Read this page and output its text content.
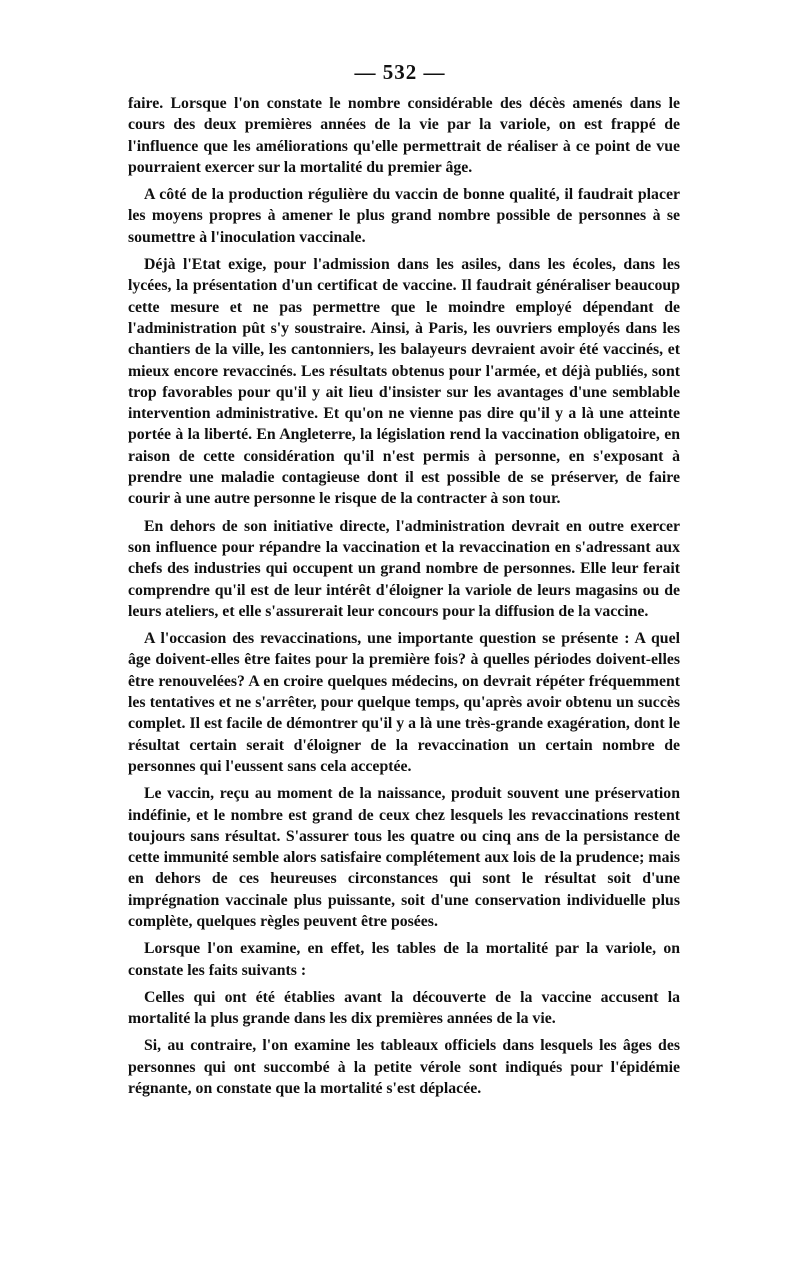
— 532 —

faire. Lorsque l'on constate le nombre considérable des décès amenés dans le cours des deux premières années de la vie par la variole, on est frappé de l'influence que les améliorations qu'elle permettrait de réaliser à ce point de vue pourraient exercer sur la mortalité du premier âge.

A côté de la production régulière du vaccin de bonne qualité, il faudrait placer les moyens propres à amener le plus grand nombre possible de personnes à se soumettre à l'inoculation vaccinale.

Déjà l'Etat exige, pour l'admission dans les asiles, dans les écoles, dans les lycées, la présentation d'un certificat de vaccine. Il faudrait généraliser beaucoup cette mesure et ne pas permettre que le moindre employé dépendant de l'administration pût s'y soustraire. Ainsi, à Paris, les ouvriers employés dans les chantiers de la ville, les cantonniers, les balayeurs devraient avoir été vaccinés, et mieux encore revaccinés. Les résultats obtenus pour l'armée, et déjà publiés, sont trop favorables pour qu'il y ait lieu d'insister sur les avantages d'une semblable intervention administrative. Et qu'on ne vienne pas dire qu'il y a là une atteinte portée à la liberté. En Angleterre, la législation rend la vaccination obligatoire, en raison de cette considération qu'il n'est permis à personne, en s'exposant à prendre une maladie contagieuse dont il est possible de se préserver, de faire courir à une autre personne le risque de la contracter à son tour.

En dehors de son initiative directe, l'administration devrait en outre exercer son influence pour répandre la vaccination et la revaccination en s'adressant aux chefs des industries qui occupent un grand nombre de personnes. Elle leur ferait comprendre qu'il est de leur intérêt d'éloigner la variole de leurs magasins ou de leurs ateliers, et elle s'assurerait leur concours pour la diffusion de la vaccine.

A l'occasion des revaccinations, une importante question se présente : A quel âge doivent-elles être faites pour la première fois? à quelles périodes doivent-elles être renouvelées? A en croire quelques médecins, on devrait répéter fréquemment les tentatives et ne s'arrêter, pour quelque temps, qu'après avoir obtenu un succès complet. Il est facile de démontrer qu'il y a là une très-grande exagération, dont le résultat certain serait d'éloigner de la revaccination un certain nombre de personnes qui l'eussent sans cela acceptée.

Le vaccin, reçu au moment de la naissance, produit souvent une préservation indéfinie, et le nombre est grand de ceux chez lesquels les revaccinations restent toujours sans résultat. S'assurer tous les quatre ou cinq ans de la persistance de cette immunité semble alors satisfaire complétement aux lois de la prudence; mais en dehors de ces heureuses circonstances qui sont le résultat soit d'une imprégnation vaccinale plus puissante, soit d'une conservation individuelle plus complète, quelques règles peuvent être posées.

Lorsque l'on examine, en effet, les tables de la mortalité par la variole, on constate les faits suivants :

Celles qui ont été établies avant la découverte de la vaccine accusent la mortalité la plus grande dans les dix premières années de la vie.

Si, au contraire, l'on examine les tableaux officiels dans lesquels les âges des personnes qui ont succombé à la petite vérole sont indiqués pour l'épidémie régnante, on constate que la mortalité s'est déplacée.
